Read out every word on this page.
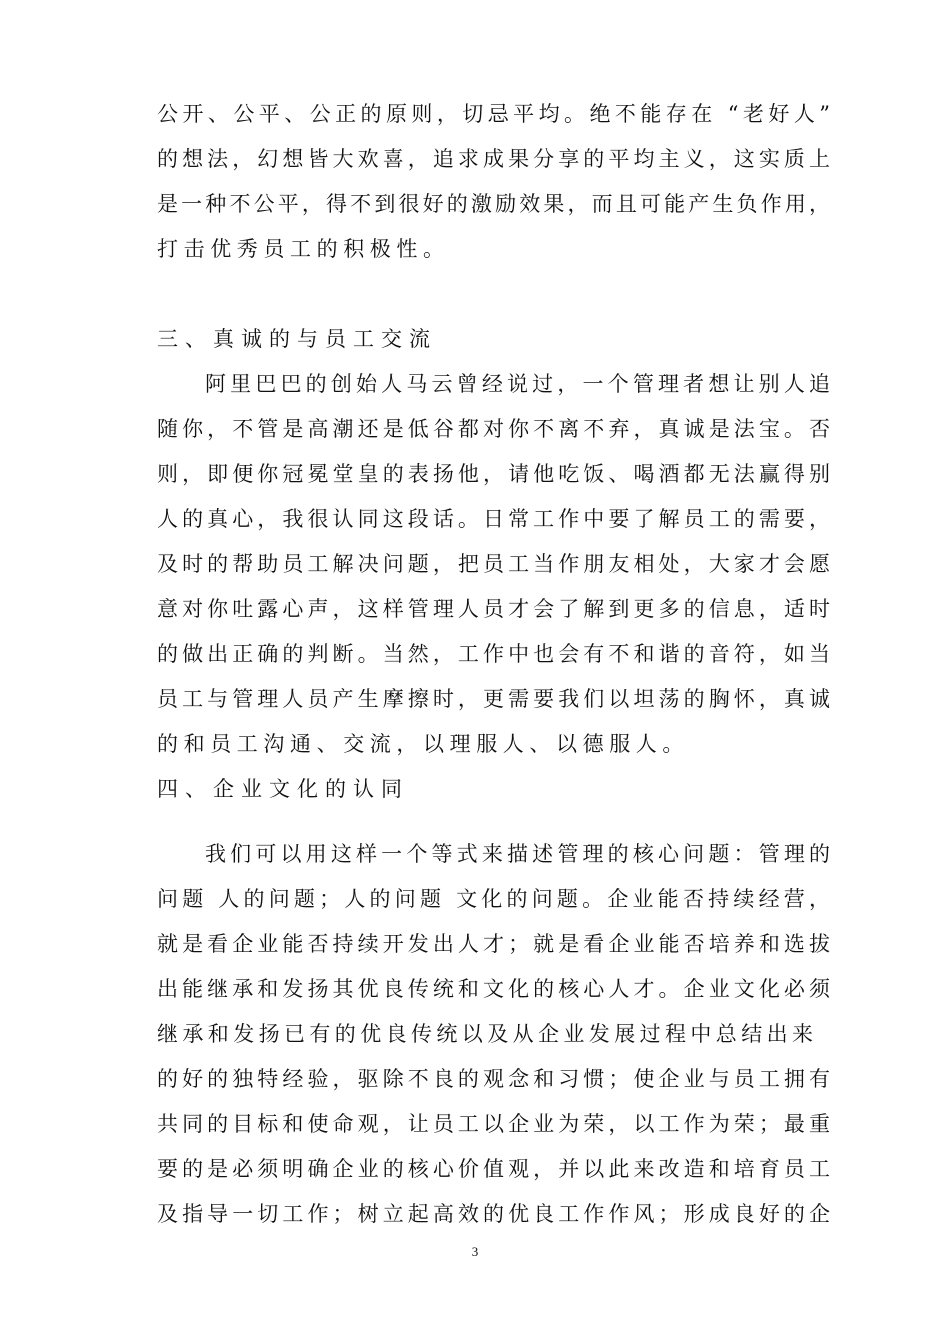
公开、公平、公正的原则，切忌平均。绝不能存在 “老好人”
的想法，幻想皆大欢喜，追求成果分享的平均主义，这实质上
是一种不公平，得不到很好的激励效果，而且可能产生负作用，
打击优秀员工的积极性。
三、真诚的与员工交流
阿里巴巴的创始人马云曾经说过，一个管理者想让别人追
随你，不管是高潮还是低谷都对你不离不弃，真诚是法宝。否
则，即便你冠冕堂皇的表扬他，请他吃饭、喝酒都无法赢得别
人的真心，我很认同这段话。日常工作中要了解员工的需要，
及时的帮助员工解决问题，把员工当作朋友相处，大家才会愿
意对你吐露心声，这样管理人员才会了解到更多的信息，适时
的做出正确的判断。当然，工作中也会有不和谐的音符，如当
员工与管理人员产生摩擦时，更需要我们以坦荡的胸怀，真诚
的和员工沟通、交流，以理服人、以德服人。
四、企业文化的认同
我们可以用这样一个等式来描述管理的核心问题：管理的
问题 人的问题；人的问题 文化的问题。企业能否持续经营，
就是看企业能否持续开发出人才；就是看企业能否培养和选拔
出能继承和发扬其优良传统和文化的核心人才。企业文化必须
继承和发扬已有的优良传统以及从企业发展过程中总结出来
的好的独特经验，驱除不良的观念和习惯；使企业与员工拥有
共同的目标和使命观，让员工以企业为荣，以工作为荣；最重
要的是必须明确企业的核心价值观，并以此来改造和培育员工
及指导一切工作；树立起高效的优良工作作风；形成良好的企
3
